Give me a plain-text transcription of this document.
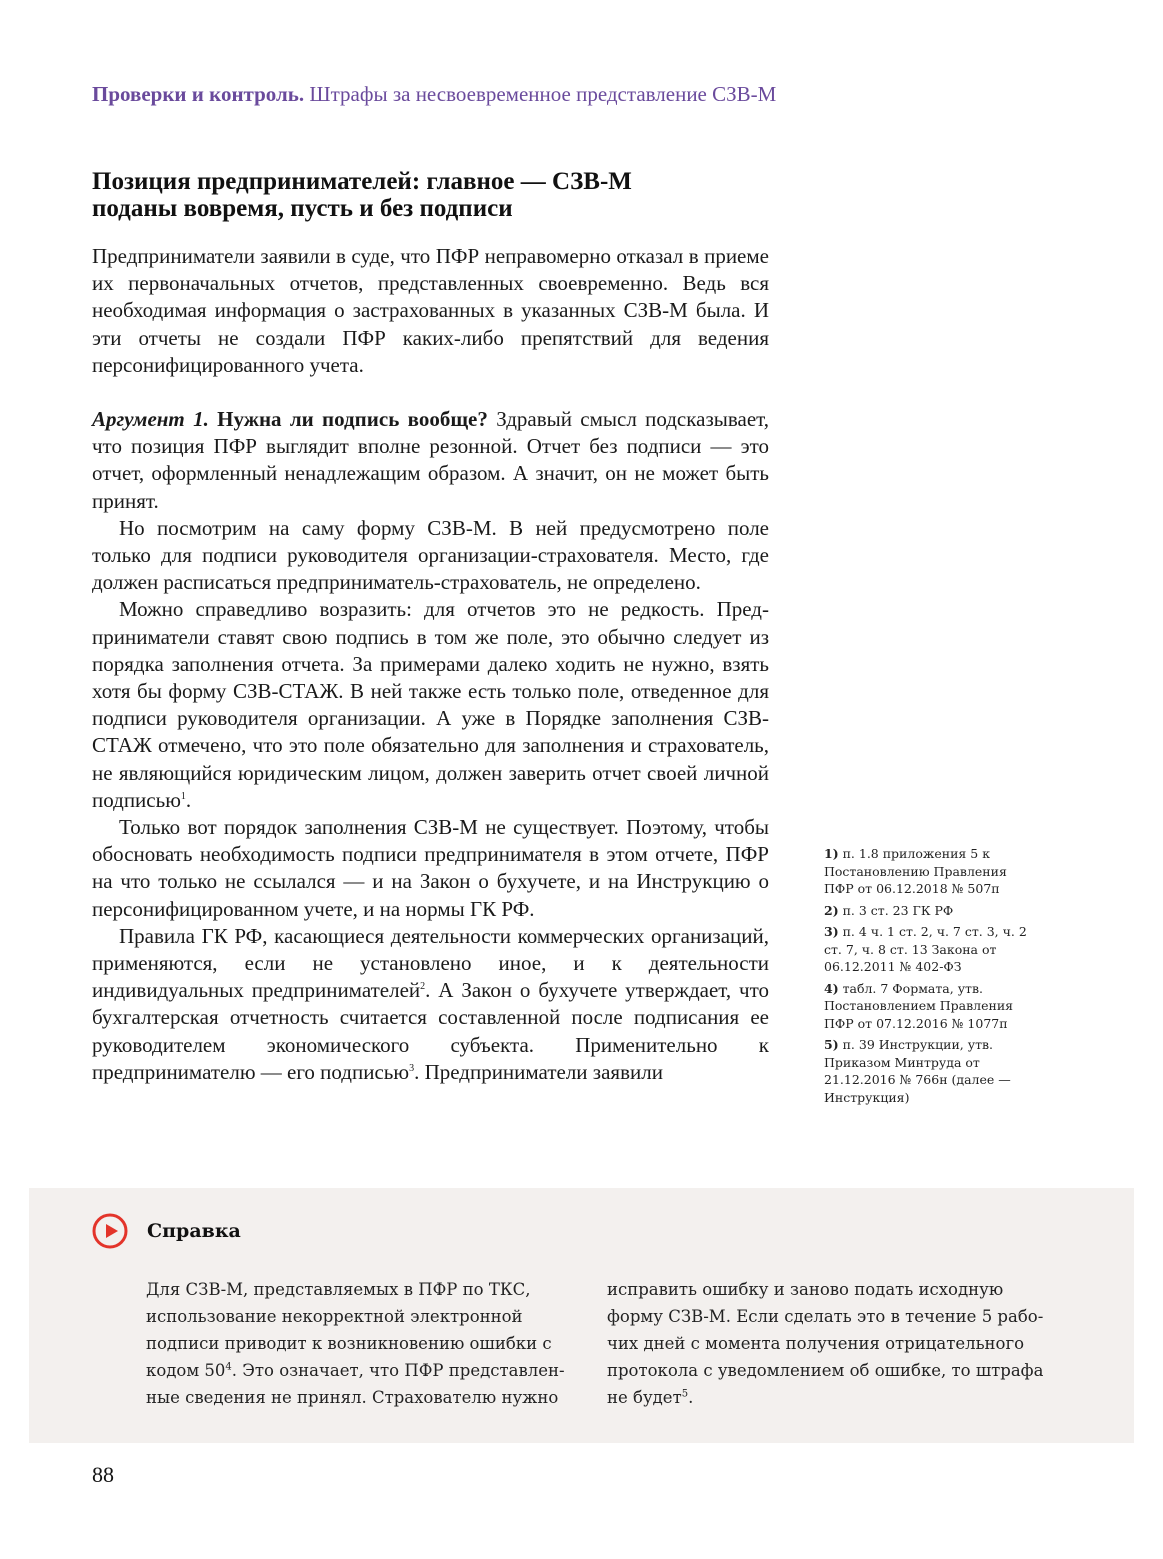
Проверки и контроль. Штрафы за несвоевременное представление СЗВ-М
Позиция предпринимателей: главное — СЗВ-М
поданы вовремя, пусть и без подписи

Предприниматели заявили в суде, что ПФР неправомерно отказал в приеме их первоначальных отчетов, представленных своевременно. Ведь вся необходимая информация о застрахованных в указанных СЗВ-М была. И эти отчеты не создали ПФР каких-либо препятствий для ведения персонифицированного учета.

Аргумент 1. Нужна ли подпись вообще? Здравый смысл подсказывает, что позиция ПФР выглядит вполне резонной. Отчет без подписи — это отчет, оформленный ненадлежащим образом. А значит, он не может быть принят.

Но посмотрим на саму форму СЗВ-М. В ней предусмотрено поле только для подписи руководителя организации-страхователя. Место, где должен расписаться предприниматель-страхователь, не определено.

Можно справедливо возразить: для отчетов это не редкость. Предприниматели ставят свою подпись в том же поле, это обычно следует из порядка заполнения отчета. За примерами далеко ходить не нужно, взять хотя бы форму СЗВ-СТАЖ. В ней также есть только поле, отведенное для подписи руководителя организации. А уже в Порядке заполнения СЗВ-СТАЖ отмечено, что это поле обязательно для заполнения и страхователь, не являющийся юридическим лицом, должен заверить отчет своей личной подписью$^1$.

Только вот порядок заполнения СЗВ-М не существует. Поэтому, чтобы обосновать необходимость подписи предпринимателя в этом отчете, ПФР на что только не ссылался — и на Закон о бухучете, и на Инструкцию о персонифицированном учете, и на нормы ГК РФ.

Правила ГК РФ, касающиеся деятельности коммерческих организаций, применяются, если не установлено иное, и к деятельности индивидуальных предпринимателей$^2$. А Закон о бухучете утверждает, что бухгалтерская отчетность считается составленной после подписания ее руководителем экономического субъекта. Применительно к предпринимателю — его подписью$^3$. Предприниматели заявили

1) п. 1.8 приложения 5 к Постановлению Правления ПФР от 06.12.2018 № 507п

2) п. 3 ст. 23 ГК РФ

3) п. 4 ч. 1 ст. 2, ч. 7 ст. 3, ч. 2 ст. 7, ч. 8 ст. 13 Закона от 06.12.2011 № 402-ФЗ

4) табл. 7 Формата, утв. Постановлением Правления ПФР от 07.12.2016 № 1077п

5) п. 39 Инструкции, утв. Приказом Минтруда от 21.12.2016 № 766н (далее — Инструкция)

Справка

Для СЗВ-М, представляемых в ПФР по ТКС, использование некорректной электронной подписи приводит к возникновению ошибки с кодом $50^4$. Это означает, что ПФР представленные сведения не принял. Страхователю нужно

исправить ошибку и заново подать исходную форму СЗВ-М. Если сделать это в течение 5 рабочих дней с момента получения отрицательного протокола с уведомлением об ошибке, то штрафа не будет$^5$.

88
